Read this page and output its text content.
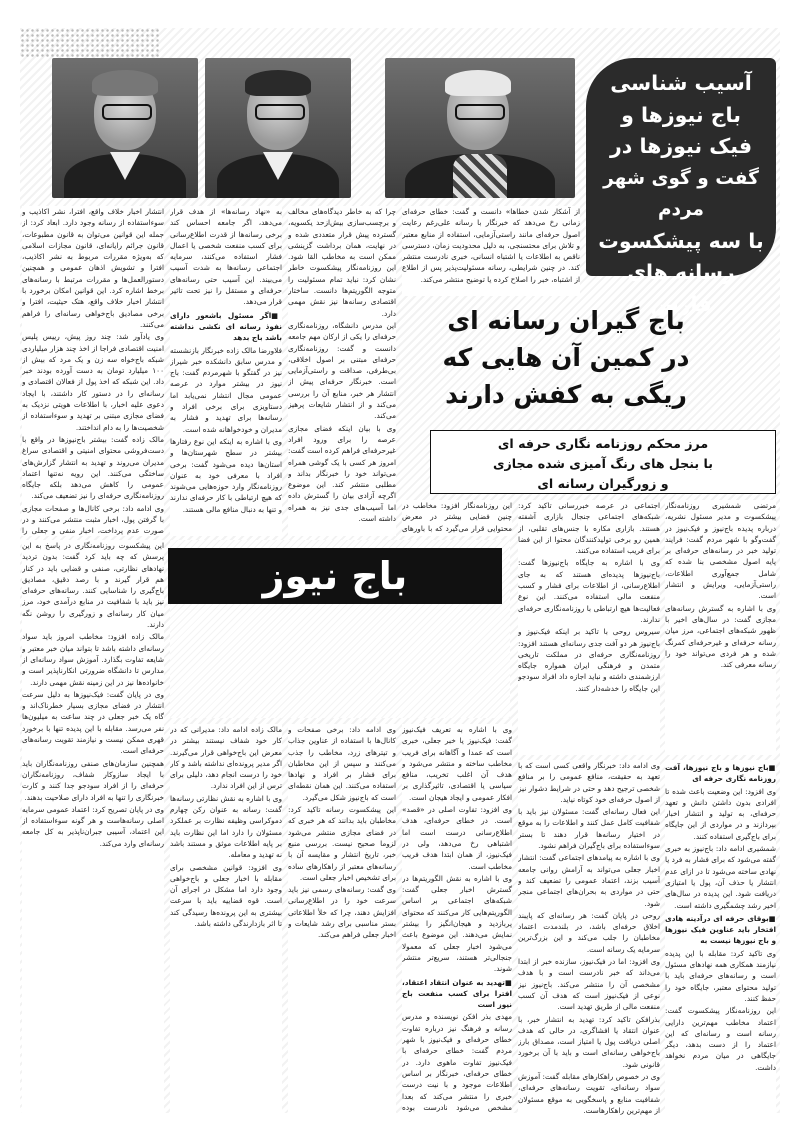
آسیب شناسی
باج نیوزها و
فیک نیوزها در
گفت و گوی شهر مردم
با سه پیشکسوت
رسانه های فارس
باج گیران رسانه ای
در کمین آن هایی که
ریگی به کفش دارند
مرز محکم روزنامه نگاری حرفه ای
با بنجل های رنگ آمیزی شده مجازی
و زورگیران رسانه ای

انتشار اخبار خلاف واقع، افترا، نشر اکاذیب و سوءاستفاده از رسانه وجود دارد. ابعاد کرد: از جمله این قوانین می‌توان به قانون مطبوعات، قانون جرائم رایانه‌ای، قانون مجازات اسلامی که به‌ویژه مقررات مربوط به نشر اکاذیب، افترا و تشویش اذهان عمومی و همچنین دستورالعمل‌ها و مقررات مرتبط با رسانه‌های برخط اشاره کرد. این قوانین امکان برخورد با انتشار اخبار خلاف واقع، هتک حیثیت، افترا و برخی مصادیق باج‌خواهی رسانه‌ای را فراهم می‌کنند.

وی یادآور شد: چند روز پیش، رییس پلیس امنیت اقتصادی فراجا از اخذ چند هزار میلیاردی شبکه باج‌خواه سه زن و یک مرد که بیش از ۱۰۰ میلیارد تومان به دست آورده بودند خبر داد. این شبکه که اخذ پول از فعالان اقتصادی و رسانه‌ای را در دستور کار داشتند، با ایجاد دعوی علیه اخبار، با اطلاعات هویتی نزدیک به فضای مجازی مبتنی بر تهدید و سوءاستفاده از شخصیت‌ها را به دام انداختند.

مالک زاده گفت: بیشتر باج‌نیوزها در واقع با دست‌فروشی محتوای امنیتی و اقتصادی سراغ مدیران می‌روند و تهدید به انتشار گزارش‌های ساختگی می‌کنند. این رویه نه‌تنها اعتماد عمومی را کاهش می‌دهد بلکه جایگاه روزنامه‌نگاری حرفه‌ای را نیز تضعیف می‌کند.

وی ادامه داد: برخی کانال‌ها و صفحات مجازی با گرفتن پول، اخبار مثبت منتشر می‌کنند و در صورت عدم پرداخت، اخبار منفی و جعلی را

به «نهاد رسانه‌ها» از هدف قرار می‌دهد، اگر جامعه احساس کند برخی رسانه‌ها از قدرت اطلاع‌رسانی برای کسب منفعت شخصی یا اعمال فشار استفاده می‌کنند، سرمایه اجتماعی رسانه‌ها به شدت آسیب می‌بیند. این آسیب حتی رسانه‌های حرفه‌ای و مستقل را نیز تحت تاثیر قرار می‌دهد.

■ اگر مسئول باشعور دارای نفوذ رسانه ای نکشی نداشته باشد باج بدهد

فلاورضا مالک زاده خبرنگار بازنشسته و مدرس سابق دانشکده خبر شیراز نیز در گفتگو با شهرمردم گفت: باج نیوز در بیشتر موارد در عرصه عمومی مجال انتشار نمی‌یابد اما دستاویزی برای برخی افراد و رسانه‌ها برای تهدید و فشار به مدیران و خودخواهانه شده است.

وی با اشاره به اینکه این نوع رفتارها بیشتر در سطح شهرستان‌ها و استان‌ها دیده می‌شود گفت: برخی افراد با معرفی خود به عنوان روزنامه‌نگار وارد حوزه‌هایی می‌شوند که هیچ ارتباطی با کار حرفه‌ای ندارند و تنها به دنبال منافع مالی هستند.

چرا که به خاطر دیدگاه‌های مخالف و برچسب‌سازی بیش‌ازحد یکسویه، گسترده پیش قرار متعددی شده و در نهایت، همان برداشت گزینشی ممکن است به مخاطب القا شود. این روزنامه‌نگار پیشکسوت خاطر نشان کرد: نباید تمام مسئولیت را متوجه الگوریتم‌ها دانست. ساختار اقتصادی رسانه‌ها نیز نقش مهمی دارد.

این مدرس دانشگاه، روزنامه‌نگاری حرفه‌ای را یکی از ارکان مهم جامعه دانست و گفت: روزنامه‌نگاری حرفه‌ای مبتنی بر اصول اخلاقی، بی‌طرفی، صداقت و راستی‌آزمایی است. خبرنگار حرفه‌ای پیش از انتشار هر خبر، منابع آن را بررسی می‌کند و از انتشار شایعات پرهیز می‌کند.

وی با بیان اینکه فضای مجازی عرصه را برای ورود افراد غیرحرفه‌ای فراهم کرده است گفت: امروز هر کسی با یک گوشی همراه می‌تواند خود را خبرنگار بداند و مطلبی منتشر کند. این موضوع اگرچه آزادی بیان را گسترش داده اما آسیب‌های جدی نیز به همراه داشته است.

از آشکار شدن خطاها» دانست و گفت: خطای حرفه‌ای زمانی رخ می‌دهد که خبرنگار با رسانه علی‌رغم رعایت اصول حرفه‌ای مانند راستی‌آزمایی، استفاده از منابع معتبر و تلاش برای محتسنجی، به دلیل محدودیت زمان، دسترسی ناقص به اطلاعات یا اشتباه انسانی، خبری نادرست منتشر کند. در چنین شرایطی، رسانه مسئولیت‌پذیر پس از اطلاع از اشتباه، خبر را اصلاح کرده یا توضیح منتشر می‌کند.

مرتضی شمشیری روزنامه‌نگار پیشکسوت و مدیر مسئول نشریه، درباره پدیده باج‌نیوز و فیک‌نیوز در گفت‌وگو با شهر مردم گفت: فرایند تولید خبر در رسانه‌های حرفه‌ای بر پایه اصول مشخصی بنا شده که شامل جمع‌آوری اطلاعات، راستی‌آزمایی، ویرایش و انتشار است.

وی با اشاره به گسترش رسانه‌های مجازی گفت: در سال‌های اخیر با ظهور شبکه‌های اجتماعی، مرز میان رسانه حرفه‌ای و غیرحرفه‌ای کمرنگ شده و هر فردی می‌تواند خود را رسانه معرفی کند.

اجتماعی در عرصه خبررسانی تاکید کرد: شبکه‌های اجتماعی جنجال بازاری آشفته هستند. بازاری مکاره با جنس‌های تقلبی، از همین رو برخی تولیدکنندگان محتوا از این فضا برای فریب استفاده می‌کنند.

وی با اشاره به جایگاه باج‌نیوزها گفت: باج‌نیوزها پدیده‌ای هستند که به جای اطلاع‌رسانی، از اطلاعات برای فشار و کسب منفعت مالی استفاده می‌کنند. این نوع فعالیت‌ها هیچ ارتباطی با روزنامه‌نگاری حرفه‌ای ندارند.

سیروس روحی با تاکید بر اینکه فیک‌نیوز و باج‌نیوز هر دو آفت جدی رسانه‌ای هستند افزود: روزنامه‌نگاری حرفه‌ای در مملکت تاریخی متمدن و فرهنگی ایران همواره جایگاه ارزشمندی داشته و نباید اجازه داد افراد سودجو این جایگاه را خدشه‌دار کنند.

این روزنامه‌نگار افزود: مخاطب در چنین فضایی بیشتر در معرض محتوایی قرار می‌گیرد که با باورهای

باج نیوز

این پیشکسوت روزنامه‌نگاری در پاسخ به این پرسش که چه باید کرد گفت: بدون تردید نهادهای نظارتی، صنفی و قضایی باید در کنار هم قرار گیرند و با رصد دقیق، مصادیق باج‌گیری را شناسایی کنند. رسانه‌های حرفه‌ای نیز باید با شفافیت در منابع درآمدی خود، مرز میان کار رسانه‌ای و زورگیری را روشن نگه دارند.

مالک زاده افزود: مخاطب امروز باید سواد رسانه‌ای داشته باشد تا بتواند میان خبر معتبر و شایعه تفاوت بگذارد. آموزش سواد رسانه‌ای از مدارس تا دانشگاه ضرورتی انکارناپذیر است و خانواده‌ها نیز در این زمینه نقش مهمی دارند.

وی در پایان گفت: فیک‌نیوزها به دلیل سرعت انتشار در فضای مجازی بسیار خطرناک‌اند و گاه یک خبر جعلی در چند ساعت به میلیون‌ها نفر می‌رسد. مقابله با این پدیده تنها با برخورد قهری ممکن نیست و نیازمند تقویت رسانه‌های حرفه‌ای است.

همچنین سازمان‌های صنفی روزنامه‌نگاران باید با ایجاد سازوکار شفاف، روزنامه‌نگاران حرفه‌ای را از افراد سودجو جدا کنند و کارت خبرنگاری را تنها به افراد دارای صلاحیت بدهند.

وی در پایان تصریح کرد: اعتماد عمومی سرمایه اصلی رسانه‌هاست و هر گونه سوءاستفاده از این اعتماد، آسیبی جبران‌ناپذیر به کل جامعه رسانه‌ای وارد می‌کند.

مالک زاده ادامه داد: مدیرانی که در کار خود شفاف نیستند بیشتر در معرض این باج‌خواهی قرار می‌گیرند. اگر مدیر پرونده‌ای نداشته باشد و کار خود را درست انجام دهد، دلیلی برای ترس از این افراد ندارد.

وی با اشاره به نقش نظارتی رسانه‌ها گفت: رسانه به عنوان رکن چهارم دموکراسی وظیفه نظارت بر عملکرد مسئولان را دارد اما این نظارت باید بر پایه اطلاعات موثق و مستند باشد نه تهدید و معامله.

وی افزود: قوانین مشخصی برای مقابله با اخبار جعلی و باج‌خواهی وجود دارد اما مشکل در اجرای آن است. قوه قضاییه باید با سرعت بیشتری به این پرونده‌ها رسیدگی کند تا اثر بازدارندگی داشته باشد.

وی ادامه داد: برخی صفحات و کانال‌ها با استفاده از عناوین جذاب و تیترهای زرد، مخاطب را جذب می‌کنند و سپس از این مخاطبان برای فشار بر افراد و نهادها استفاده می‌کنند. این همان نقطه‌ای است که باج‌نیوز شکل می‌گیرد.

این پیشکسوت رسانه تاکید کرد: مخاطبان باید بدانند که هر خبری که در فضای مجازی منتشر می‌شود لزوما صحیح نیست. بررسی منبع خبر، تاریخ انتشار و مقایسه آن با رسانه‌های معتبر از راهکارهای ساده برای تشخیص اخبار جعلی است.

وی گفت: رسانه‌های رسمی نیز باید سرعت خود را در اطلاع‌رسانی افزایش دهند، چرا که خلأ اطلاعاتی بستر مناسبی برای رشد شایعات و اخبار جعلی فراهم می‌کند.

وی با اشاره به تعریف فیک‌نیوز گفت: فیک‌نیوز یا خبر جعلی، خبری است که عمدا و آگاهانه برای فریب مخاطب ساخته و منتشر می‌شود و هدف آن اغلب تخریب، منافع سیاسی یا اقتصادی، تاثیرگذاری بر افکار عمومی و ایجاد هیجان است.

وی افزود: تفاوت اصلی در «قصد» است. در خطای حرفه‌ای، هدف اطلاع‌رسانی درست است اما اشتباهی رخ می‌دهد، ولی در فیک‌نیوز، از همان ابتدا هدف فریب مخاطب است.

وی با اشاره به نقش الگوریتم‌ها در گسترش اخبار جعلی گفت: شبکه‌های اجتماعی بر اساس الگوریتم‌هایی کار می‌کنند که محتوای پربازدید و هیجان‌انگیز را بیشتر نمایش می‌دهند. این موضوع باعث می‌شود اخبار جعلی که معمولا جنجالی‌تر هستند، سریع‌تر منتشر شوند.

■ تهدید به عنوان انتقاد اعتقاد، افترا برای کسب منفعت باج نیوز است

مهدی بذر افکن نویسنده و مدرس رسانه و فرهنگ نیز درباره تفاوت خطای حرفه‌ای و فیک‌نیوز با شهر مردم گفت: خطای حرفه‌ای با فیک‌نیوز تفاوت ماهوی دارد. در خطای حرفه‌ای، خبرنگار بر اساس اطلاعات موجود و با نیت درست خبری را منتشر می‌کند که بعدا مشخص می‌شود نادرست بوده

وی ادامه داد: خبرنگار واقعی کسی است که با تعهد به حقیقت، منافع عمومی را بر منافع شخصی ترجیح دهد و حتی در شرایط دشوار نیز از اصول حرفه‌ای خود کوتاه نیاید.

این فعال رسانه‌ای گفت: مسئولان نیز باید با شفافیت کامل عمل کنند و اطلاعات را به موقع در اختیار رسانه‌ها قرار دهند تا بستر سوءاستفاده برای باج‌گیران فراهم نشود.

وی با اشاره به پیامدهای اجتماعی گفت: انتشار اخبار جعلی می‌تواند به آرامش روانی جامعه آسیب بزند، اعتماد عمومی را تضعیف کند و حتی در مواردی به بحران‌های اجتماعی منجر شود.

روحی در پایان گفت: هر رسانه‌ای که پایبند اخلاق حرفه‌ای باشد، در بلندمدت اعتماد مخاطبان را جلب می‌کند و این بزرگ‌ترین سرمایه یک رسانه است.

وی افزود: اما در فیک‌نیوز، سازنده خبر از ابتدا می‌داند که خبر نادرست است و با هدف مشخصی آن را منتشر می‌کند. باج‌نیوز نیز نوعی از فیک‌نیوز است که هدف آن کسب منفعت مالی از طریق تهدید است.

بذرافکن تاکید کرد: تهدید به انتشار خبر، با عنوان انتقاد یا افشاگری، در حالی که هدف اصلی دریافت پول یا امتیاز است، مصداق بارز باج‌خواهی رسانه‌ای است و باید با آن برخورد قانونی شود.

وی در خصوص راهکارهای مقابله گفت: آموزش سواد رسانه‌ای، تقویت رسانه‌های حرفه‌ای، شفافیت منابع و پاسخگویی به موقع مسئولان از مهم‌ترین راهکارهاست.

■ باج نیوزها و باج نیوزها، آفت روزنامه نگاری حرفه ای

وی افزود: این وضعیت باعث شده تا افرادی بدون داشتن دانش و تعهد حرفه‌ای، به تولید و انتشار اخبار بپردازند و در مواردی از این جایگاه برای باج‌گیری استفاده کنند.

شمشیری ادامه داد: باج‌نیوز به خبری گفته می‌شود که برای فشار به فرد یا نهادی ساخته می‌شود تا در ازای عدم انتشار یا حذف آن، پول یا امتیازی دریافت شود. این پدیده در سال‌های اخیر رشد چشمگیری داشته است.

■ بوقای حرفه ای درآدینه هادی افتخار باید عناوین فیک نیوزها و باج نیوزها نیست به

وی تاکید کرد: مقابله با این پدیده نیازمند همکاری همه نهادهای مسئول است و رسانه‌های حرفه‌ای باید با تولید محتوای معتبر، جایگاه خود را حفظ کنند.

این روزنامه‌نگار پیشکسوت گفت: اعتماد مخاطب مهم‌ترین دارایی رسانه است و رسانه‌ای که این اعتماد را از دست بدهد، دیگر جایگاهی در میان مردم نخواهد داشت.
